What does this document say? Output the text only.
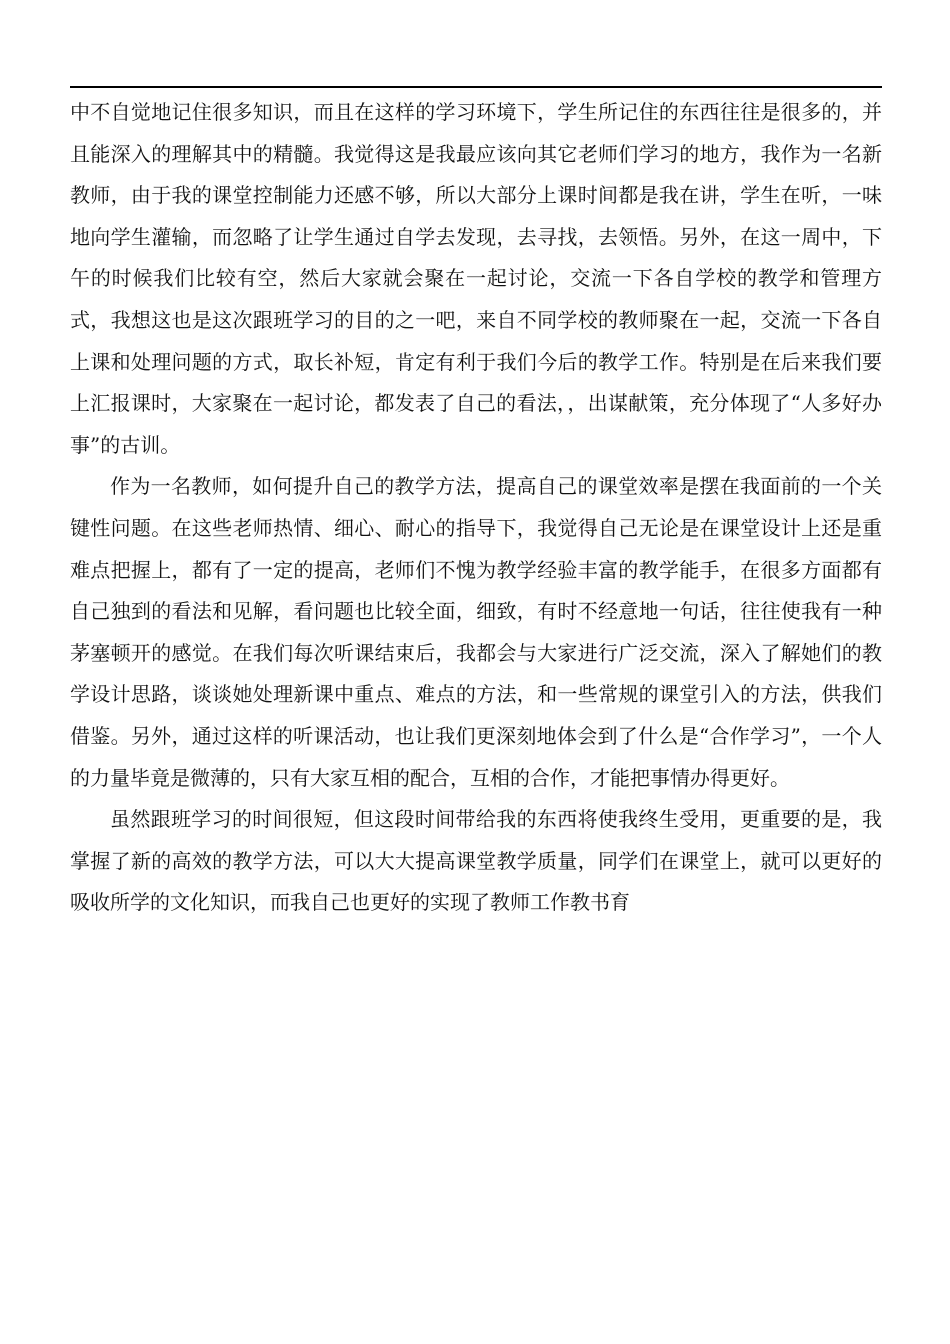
中不自觉地记住很多知识，而且在这样的学习环境下，学生所记住的东西往往是很多的，并且能深入的理解其中的精髓。我觉得这是我最应该向其它老师们学习的地方，我作为一名新教师，由于我的课堂控制能力还感不够，所以大部分上课时间都是我在讲，学生在听，一味地向学生灌输，而忽略了让学生通过自学去发现，去寻找，去领悟。另外，在这一周中，下午的时候我们比较有空，然后大家就会聚在一起讨论，交流一下各自学校的教学和管理方式，我想这也是这次跟班学习的目的之一吧，来自不同学校的教师聚在一起，交流一下各自上课和处理问题的方式，取长补短，肯定有利于我们今后的教学工作。特别是在后来我们要上汇报课时，大家聚在一起讨论，都发表了自己的看法，，出谋献策，充分体现了“人多好办事”的古训。

作为一名教师，如何提升自己的教学方法，提高自己的课堂效率是摆在我面前的一个关键性问题。在这些老师热情、细心、耐心的指导下，我觉得自己无论是在课堂设计上还是重难点把握上，都有了一定的提高，老师们不愧为教学经验丰富的教学能手，在很多方面都有自己独到的看法和见解，看问题也比较全面，细致，有时不经意地一句话，往往使我有一种茅塞顿开的感觉。在我们每次听课结束后，我都会与大家进行广泛交流，深入了解她们的教学设计思路，谈谈她处理新课中重点、难点的方法，和一些常规的课堂引入的方法，供我们借鉴。另外，通过这样的听课活动，也让我们更深刻地体会到了什么是“合作学习”，一个人的力量毕竟是微薄的，只有大家互相的配合，互相的合作，才能把事情办得更好。

虽然跟班学习的时间很短，但这段时间带给我的东西将使我终生受用，更重要的是，我掌握了新的高效的教学方法，可以大大提高课堂教学质量，同学们在课堂上，就可以更好的吸收所学的文化知识，而我自己也更好的实现了教师工作教书育
